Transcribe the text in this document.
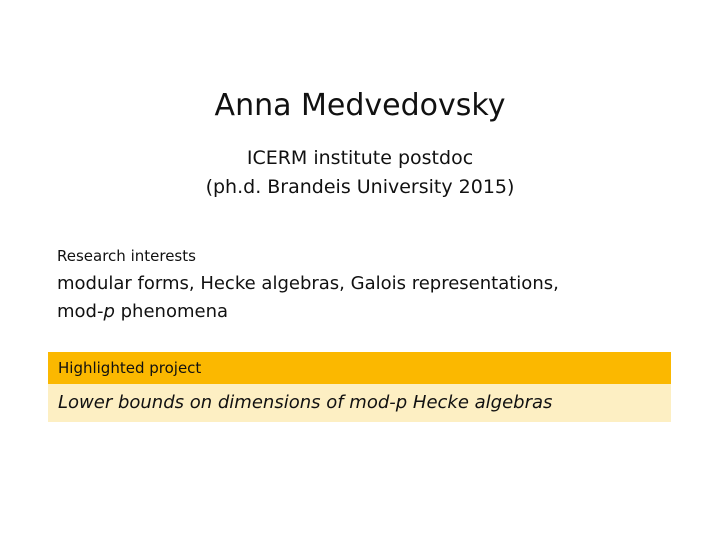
Anna Medvedovsky
ICERM institute postdoc
(ph.d. Brandeis University 2015)
Research interests
modular forms, Hecke algebras, Galois representations,
mod-p phenomena
Highlighted project
Lower bounds on dimensions of mod-p Hecke algebras
